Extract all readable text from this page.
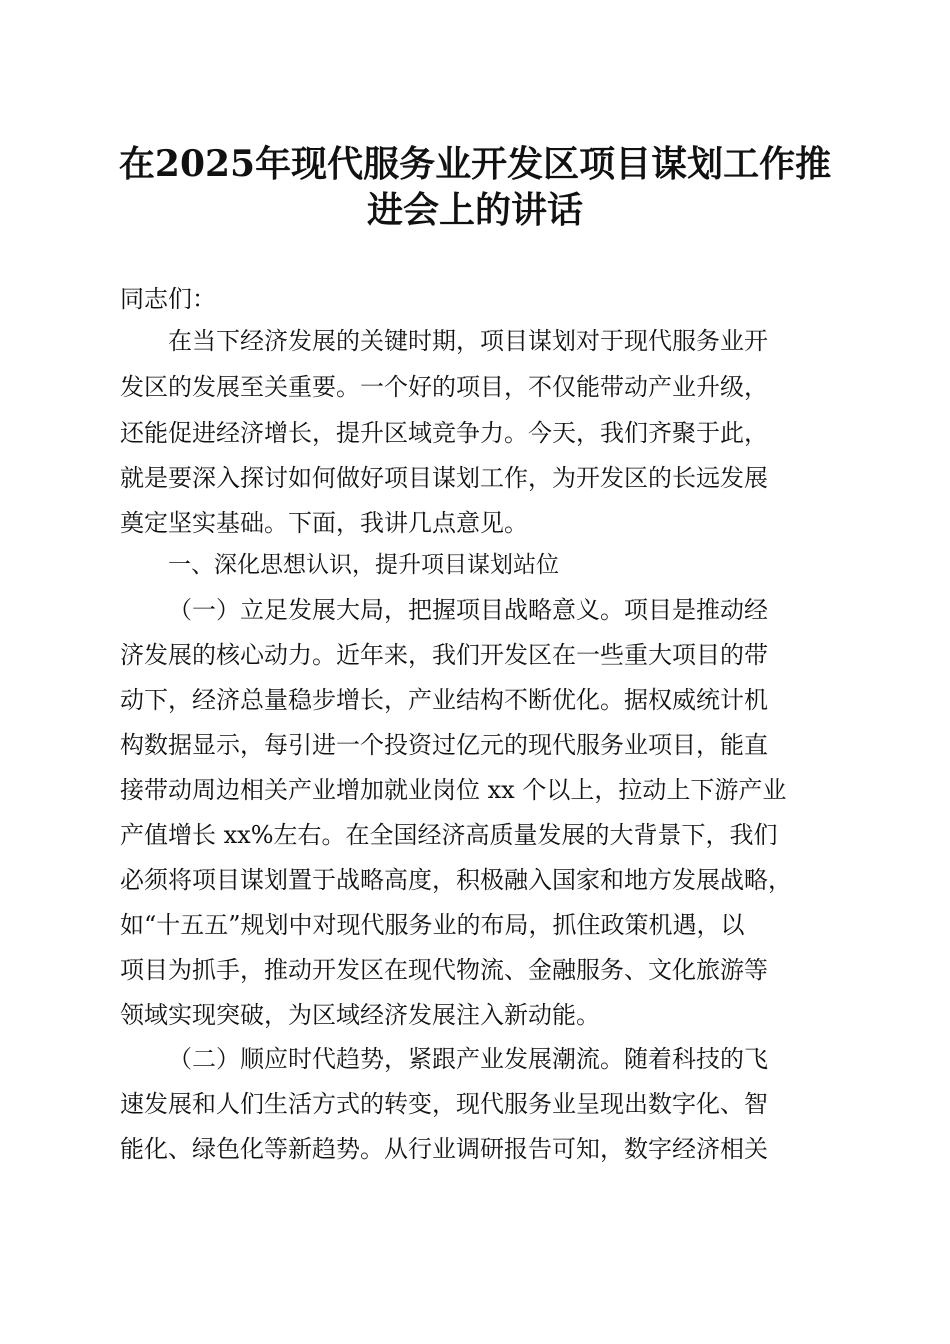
在2025年现代服务业开发区项目谋划工作推
进会上的讲话

同志们：

在当下经济发展的关键时期，项目谋划对于现代服务业开

发区的发展至关重要。一个好的项目，不仅能带动产业升级，

还能促进经济增长，提升区域竞争力。今天，我们齐聚于此，

就是要深入探讨如何做好项目谋划工作，为开发区的长远发展

奠定坚实基础。下面，我讲几点意见。

一、深化思想认识，提升项目谋划站位

（一）立足发展大局，把握项目战略意义。项目是推动经

济发展的核心动力。近年来，我们开发区在一些重大项目的带

动下，经济总量稳步增长，产业结构不断优化。据权威统计机

构数据显示，每引进一个投资过亿元的现代服务业项目，能直

接带动周边相关产业增加就业岗位 xx 个以上，拉动上下游产业

产值增长 xx%左右。在全国经济高质量发展的大背景下，我们

必须将项目谋划置于战略高度，积极融入国家和地方发展战略，

如“十五五”规划中对现代服务业的布局，抓住政策机遇，以

项目为抓手，推动开发区在现代物流、金融服务、文化旅游等

领域实现突破，为区域经济发展注入新动能。

（二）顺应时代趋势，紧跟产业发展潮流。随着科技的飞

速发展和人们生活方式的转变，现代服务业呈现出数字化、智

能化、绿色化等新趋势。从行业调研报告可知，数字经济相关
